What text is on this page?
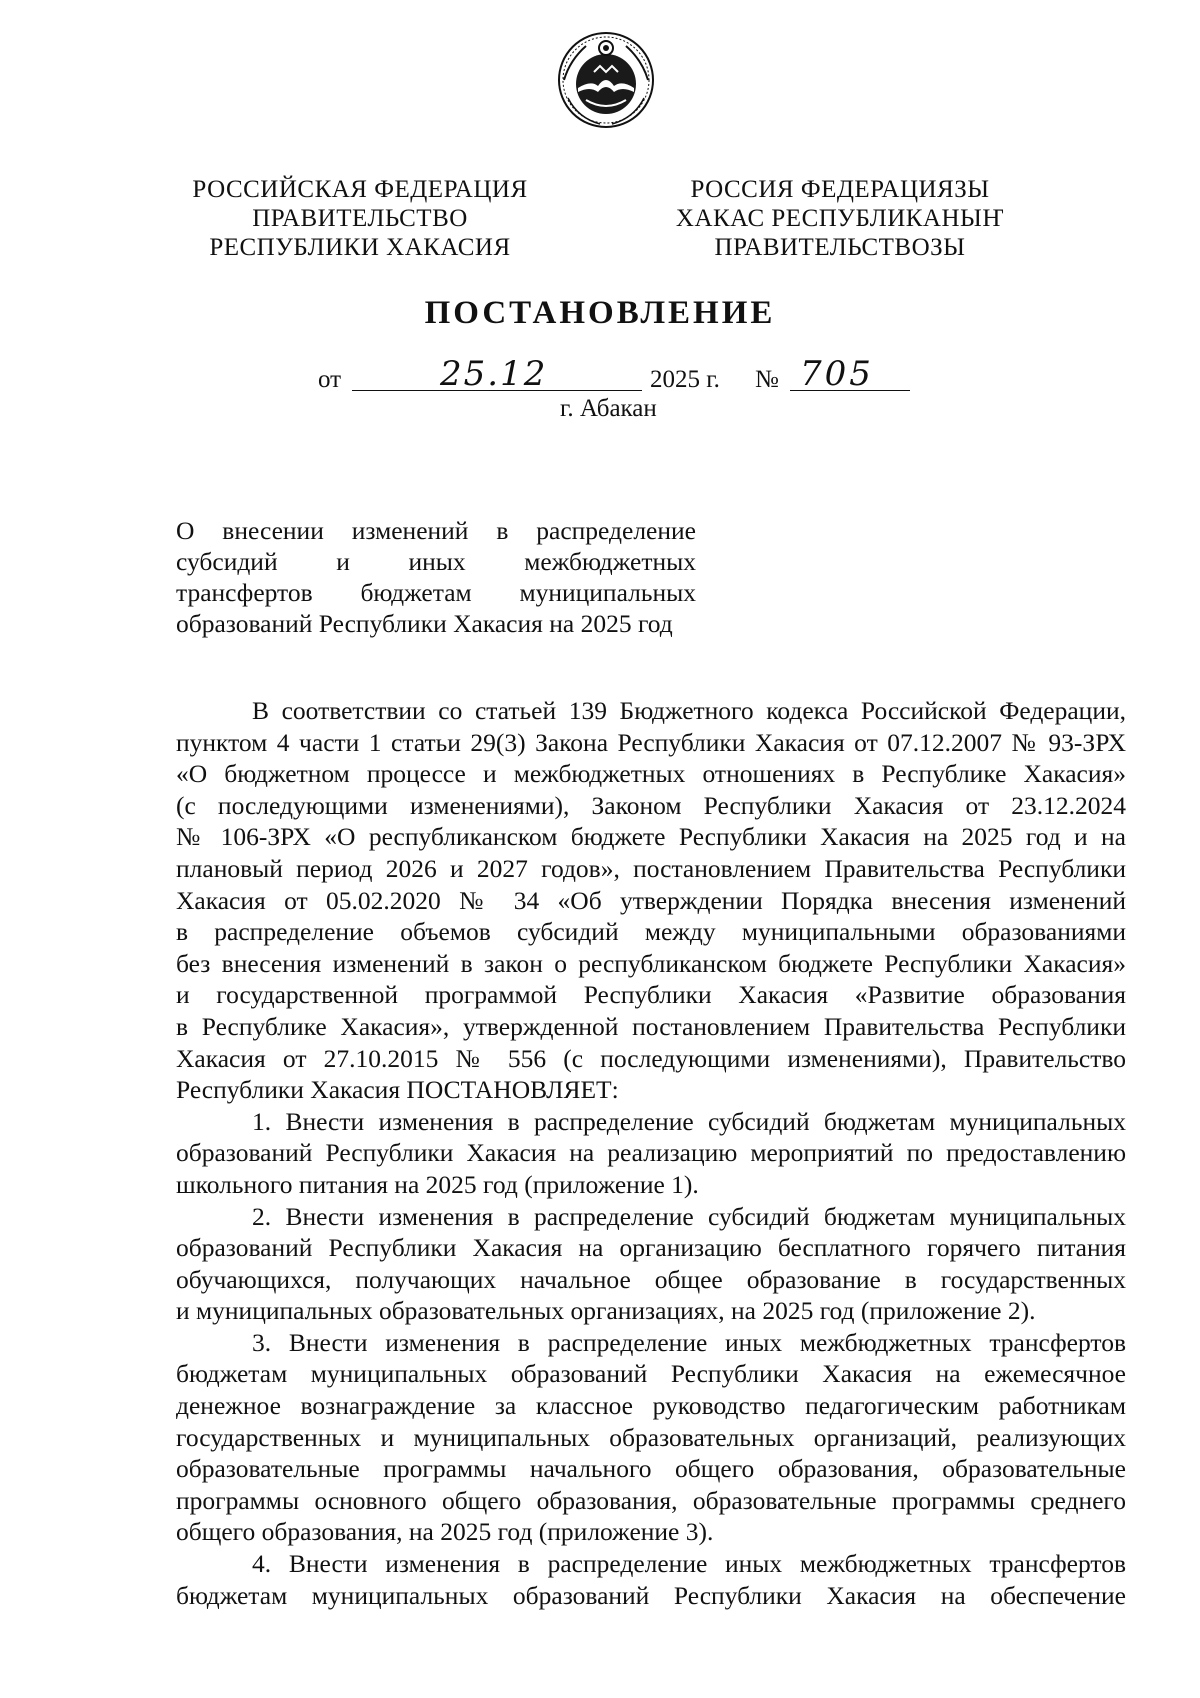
РОССИЙСКАЯ ФЕДЕРАЦИЯ
ПРАВИТЕЛЬСТВО
РЕСПУБЛИКИ ХАКАСИЯ
РОССИЯ ФЕДЕРАЦИЯЗЫ
ХАКАС РЕСПУБЛИКАНЫҤ
ПРАВИТЕЛЬСТВОЗЫ
ПОСТАНОВЛЕНИЕ
от	25.12	2025 г. № 705
г. Абакан
О внесении изменений в распределение
субсидий и иных межбюджетных
трансфертов бюджетам муниципальных
образований Республики Хакасия на 2025 год
В соответствии со статьей 139 Бюджетного кодекса Российской Федерации,
пунктом 4 части 1 статьи 29(3) Закона Республики Хакасия от 07.12.2007 № 93-ЗРХ
«О бюджетном процессе и межбюджетных отношениях в Республике Хакасия»
(с последующими изменениями), Законом Республики Хакасия от 23.12.2024
№ 106-ЗРХ «О республиканском бюджете Республики Хакасия на 2025 год и на
плановый период 2026 и 2027 годов», постановлением Правительства Республики
Хакасия от 05.02.2020 № 34 «Об утверждении Порядка внесения изменений
в распределение объемов субсидий между муниципальными образованиями
без внесения изменений в закон о республиканском бюджете Республики Хакасия»
и государственной программой Республики Хакасия «Развитие образования
в Республике Хакасия», утвержденной постановлением Правительства Республики
Хакасия от 27.10.2015 № 556 (с последующими изменениями), Правительство
Республики Хакасия ПОСТАНОВЛЯЕТ:
1. Внести изменения в распределение субсидий бюджетам муниципальных
образований Республики Хакасия на реализацию мероприятий по предоставлению
школьного питания на 2025 год (приложение 1).
2. Внести изменения в распределение субсидий бюджетам муниципальных
образований Республики Хакасия на организацию бесплатного горячего питания
обучающихся, получающих начальное общее образование в государственных
и муниципальных образовательных организациях, на 2025 год (приложение 2).
3. Внести изменения в распределение иных межбюджетных трансфертов
бюджетам муниципальных образований Республики Хакасия на ежемесячное
денежное вознаграждение за классное руководство педагогическим работникам
государственных и муниципальных образовательных организаций, реализующих
образовательные программы начального общего образования, образовательные
программы основного общего образования, образовательные программы среднего
общего образования, на 2025 год (приложение 3).
4. Внести изменения в распределение иных межбюджетных трансфертов
бюджетам муниципальных образований Республики Хакасия на обеспечение
